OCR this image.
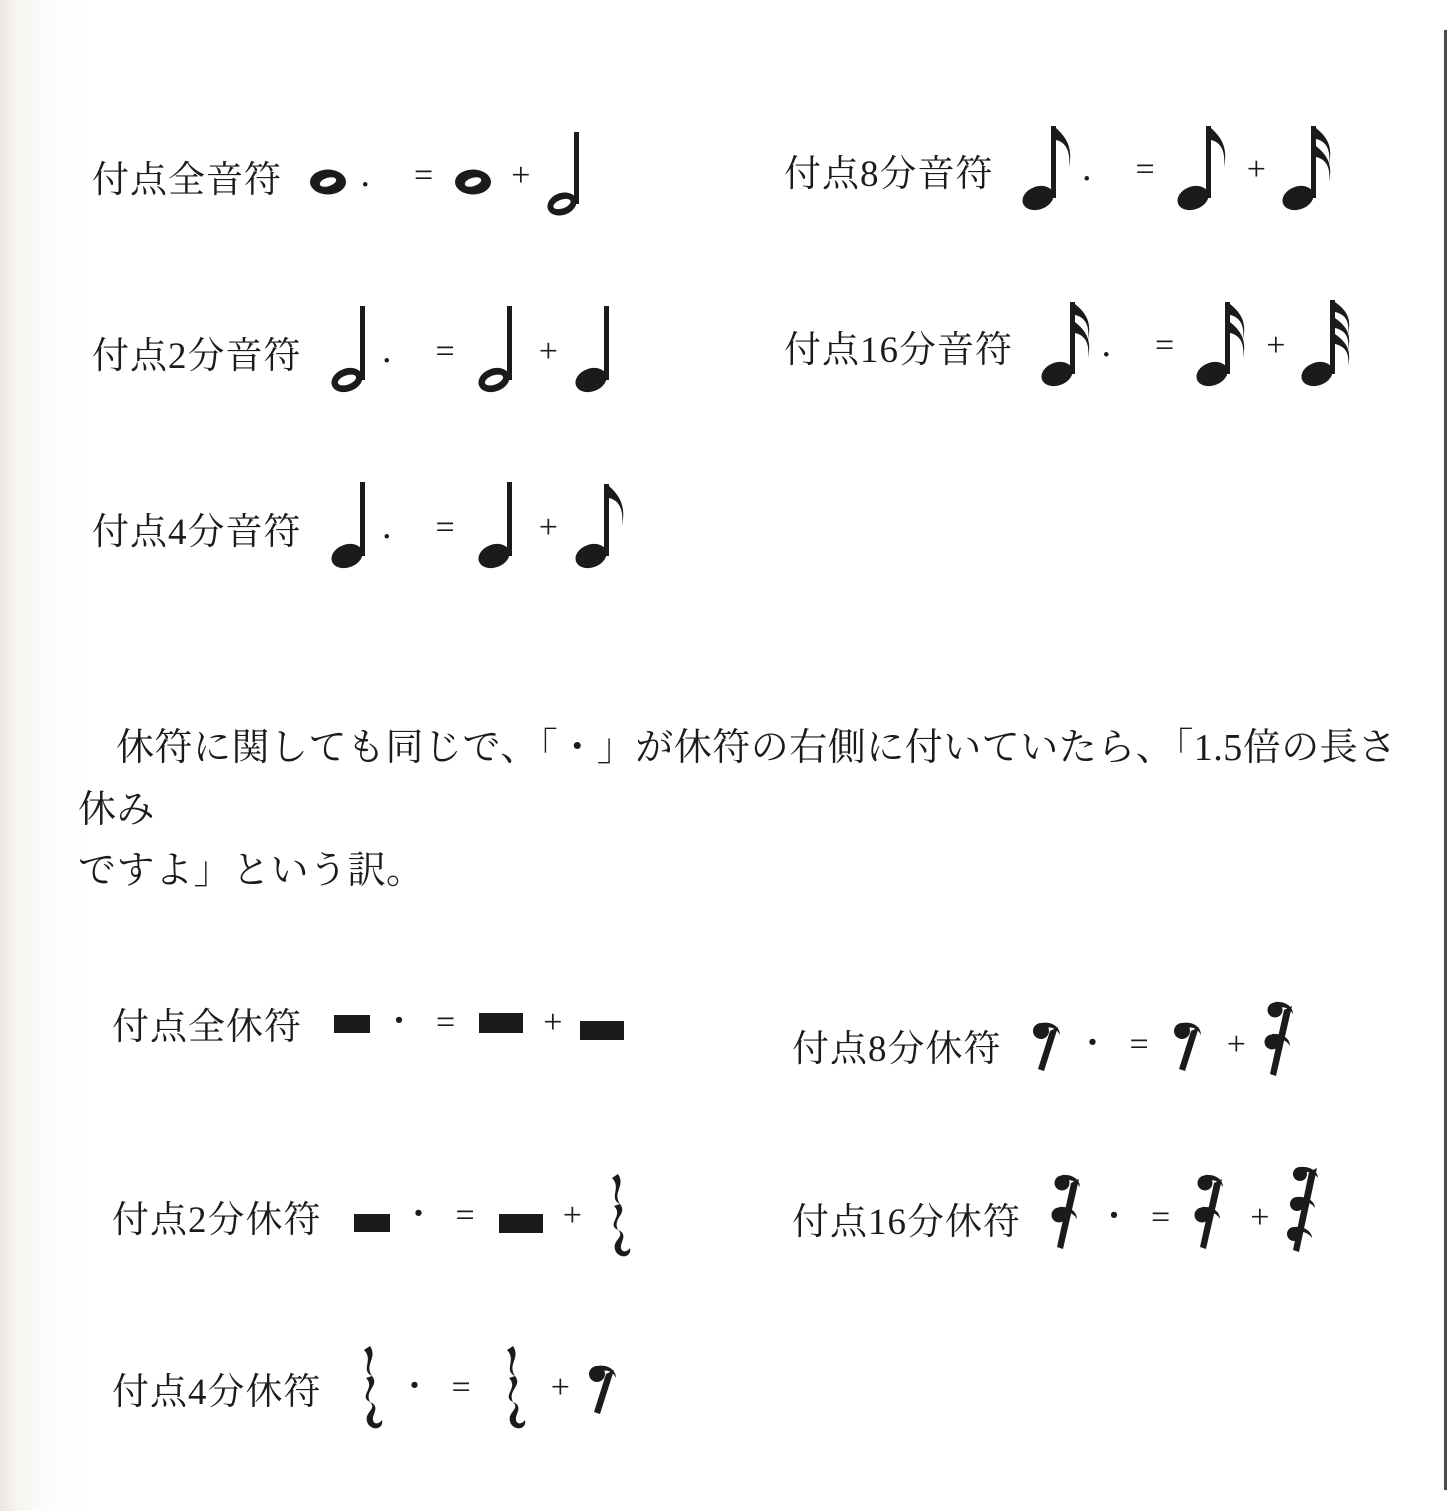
付点全音符 ． = +
付点2分音符 ． = +
付点4分音符 ． = +
付点8分音符	． =	+
付点16分音符	． =	+

休符に関しても同じで、「・」が休符の右側に付いていたら、「1.5倍の長さ休み

ですよ」という訳。

付点全休符 ・ =	+
付点2分休符 ・ =	+
付点4分休符 ・ = +
付点8分休符 ・ = +
付点16分休符 ・ = +
